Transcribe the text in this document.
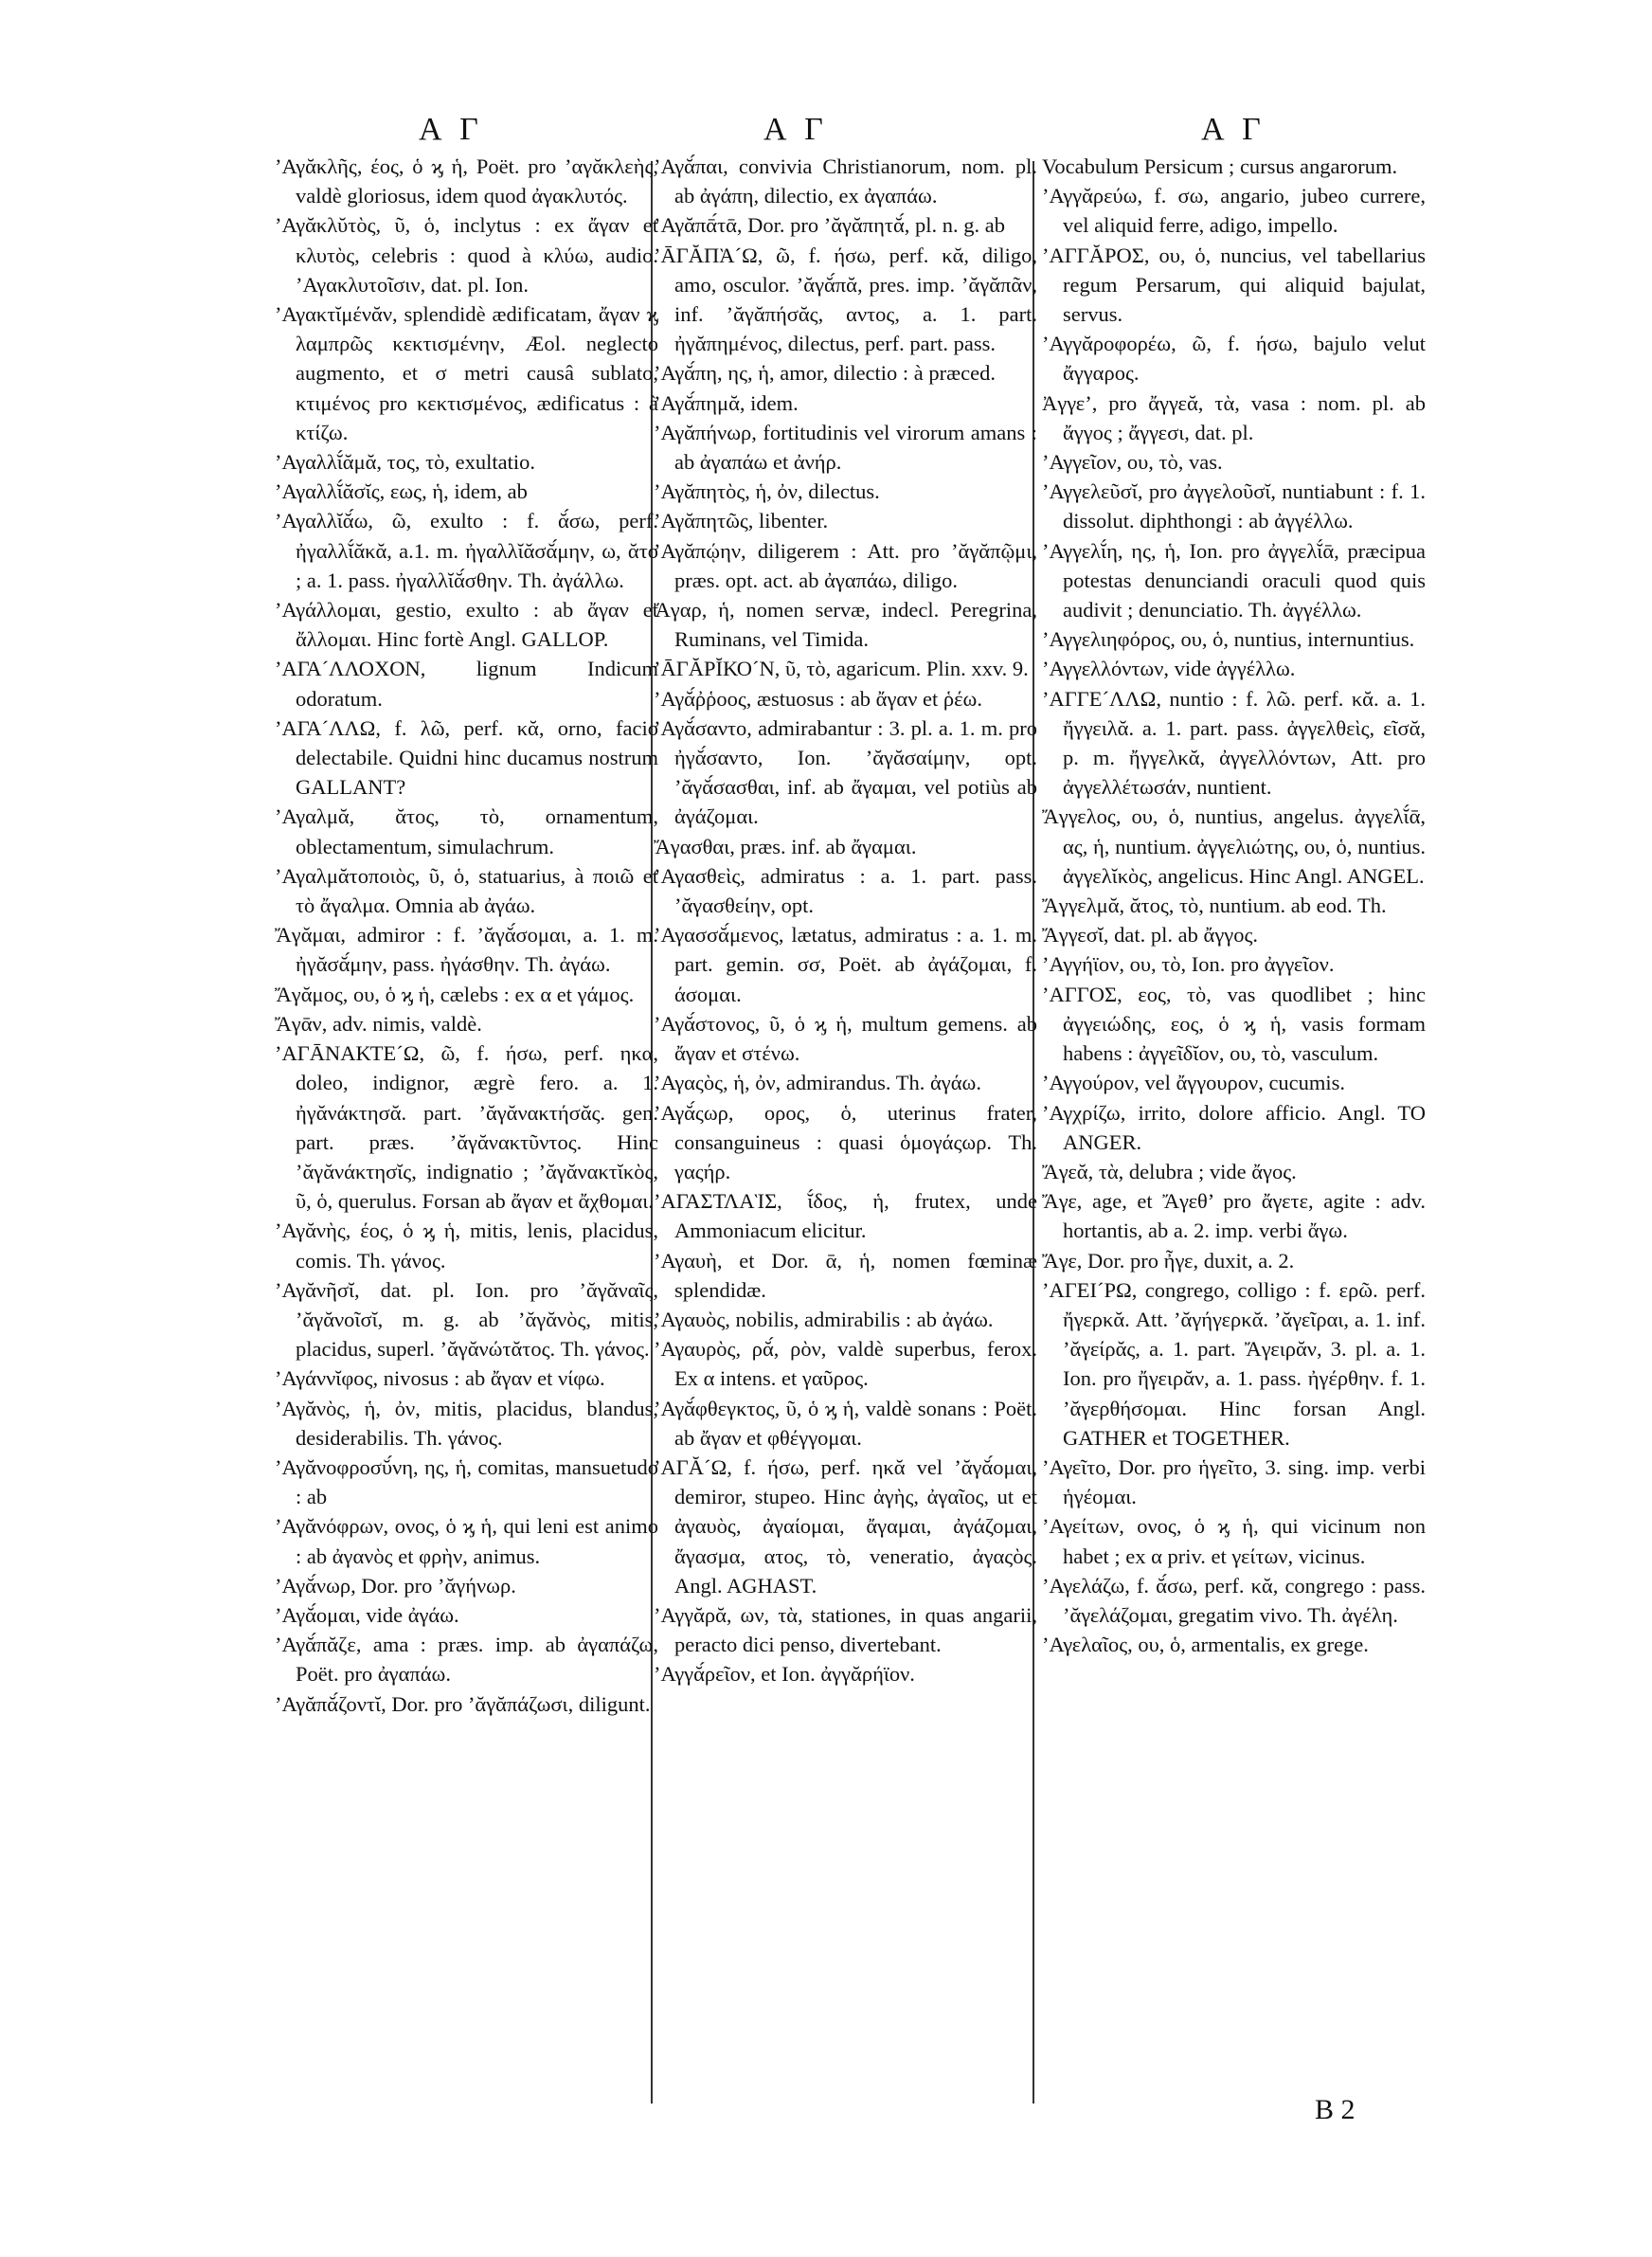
Α Γ	Α Γ	Α Γ

’Αγᾰκλῆς, έος, ὁ ϗ ἡ, Poët. pro ’αγᾰκλεὴς, valdè gloriosus, idem quod ἀγακλυτός.

’Αγᾰκλῠτὸς, ῦ, ὁ, inclytus : ex ἄγαν et κλυτὸς, celebris : quod à κλύω, audio. ’Αγακλυτοῖσιν, dat. pl. Ion.

’Αγακτῐμένᾰν, splendidè ædificatam, ἄγαν ϗ λαμπρῶς κεκτισμένην, Æol. neglecto augmento, et σ metri causâ sublato, κτιμένος pro κεκτισμένος, ædificatus : à κτίζω.

’Αγαλλῐ́ᾰμᾰ, τος, τὸ, exultatio.

’Αγαλλῐ́ᾰσῐς, εως, ἡ, idem, ab

’Αγαλλῐᾰ́ω, ῶ, exulto : f. ᾰ́σω, perf. ἠγαλλῐ́ᾰκᾰ, a.1. m. ἠγαλλῐᾰσᾰ́μην, ω, ᾰτο ; a. 1. pass. ἠγαλλῐᾰ́σθην. Th. ἀγάλλω.

’Αγάλλομαι, gestio, exulto : ab ἄγαν et ἄλλομαι. Hinc fortè Angl. GALLOP.

’ΑΓΑ´ΛΛΟΧΟΝ, lignum Indicum odoratum.

’ΑΓΑ´ΛΛΩ, f. λῶ, perf. κᾰ, orno, facio delectabile. Quidni hinc ducamus nostrum GALLANT?

’Αγαλμᾰ, ᾰτος, τὸ, ornamentum, oblectamentum, simulachrum.

’Αγαλμᾰτοποιὸς, ῦ, ὁ, statuarius, à ποιῶ et τὸ ἄγαλμα. Omnia ab ἀγάω.

Ἄγᾰμαι, admiror : f. ’ᾰγᾰ́σομαι, a. 1. m. ἠγᾰσᾰ́μην, pass. ἠγάσθην. Th. ἀγάω.

Ἄγᾰμος, ου, ὁ ϗ ἡ, cælebs : ex α et γάμος.

Ἄγᾱν, adv. nimis, valdè.

’ΑΓᾹΝΑΚΤΕ´Ω, ῶ, f. ήσω, perf. ηκα, doleo, indignor, ægrè fero. a. 1. ἠγᾰνάκτησᾰ. part. ’ᾰγᾰνακτήσᾰς. gen. part. præs. ’ᾰγᾰνακτῦντος. Hinc ’ᾰγᾰνάκτησῐς, indignatio ; ’ᾰγᾰνακτῐκὸς, ῦ, ὁ, querulus. Forsan ab ἄγαν et ἄχθομαι.

’Αγᾰνὴς, έος, ὁ ϗ ἡ, mitis, lenis, placidus, comis. Th. γάνος.

’Αγᾰνῆσῐ, dat. pl. Ion. pro ’ᾰγᾰναῖς, ’ᾰγᾰνοῖσῐ, m. g. ab ’ᾰγᾰνὸς, mitis, placidus, superl. ’ᾰγᾰνώτᾰτος. Th. γάνος.

’Αγάννῐφος, nivosus : ab ἄγαν et νίφω.

’Αγᾰνὸς, ἡ, ὀν, mitis, placidus, blandus, desiderabilis. Th. γάνος.

’Αγᾰνοφροσῠ́νη, ης, ἡ, comitas, mansuetudo : ab

’Αγᾰνόφρων, ονος, ὁ ϗ ἡ, qui leni est animo : ab ἀγανὸς et φρὴν, animus.

’Αγᾰ́νωρ, Dor. pro ’ᾰγήνωρ.

’Αγᾰ́ομαι, vide ἀγάω.

’Αγᾰ́πᾰζε, ama : præs. imp. ab ἀγαπάζω, Poët. pro ἀγαπάω.

’Αγᾰπᾰ́ζοντῐ, Dor. pro ’ᾰγᾰπάζωσι, diligunt.

’Αγᾰ́παι, convivia Christianorum, nom. pl. ab ἀγάπη, dilectio, ex ἀγαπάω.

’Αγᾰπᾱ́τᾱ, Dor. pro ’ᾰγᾰπητᾰ́, pl. n. g. ab

’ᾹΓᾸΠᾺ´Ω, ῶ, f. ήσω, perf. κᾰ, diligo, amo, osculor. ’ᾰγᾰ́πᾰ, pres. imp. ’ᾰγᾰπᾶν, inf. ’ᾰγᾰπήσᾰς, αντος, a. 1. part. ἠγᾰπημένος, dilectus, perf. part. pass.

’Αγᾰ́πη, ης, ἡ, amor, dilectio : à præced.

’Αγᾰ́πημᾰ, idem.

’Αγᾰπήνωρ, fortitudinis vel virorum amans : ab ἀγαπάω et ἀνήρ.

’Αγᾰπητὸς, ἡ, ὀν, dilectus.

’Αγᾰπητῶς, libenter.

’Αγᾰπῴην, diligerem : Att. pro ’ᾰγᾰπῷμι, præs. opt. act. ab ἀγαπάω, diligo.

Ἄγαρ, ἡ, nomen servæ, indecl. Peregrina, Ruminans, vel Timida.

’ᾹΓᾸΡῘΚΟ´Ν, ῦ, τὸ, agaricum. Plin. xxv. 9.

’Αγᾰ́ῤῥοος, æstuosus : ab ἄγαν et ῥέω.

’Αγᾰ́σαντο, admirabantur : 3. pl. a. 1. m. pro ἠγᾰ́σαντο, Ion. ’ᾰγᾰσαίμην, opt. ’ᾰγᾰ́σασθαι, inf. ab ἄγαμαι, vel potiùs ab ἀγάζομαι.

Ἄγασθαι, præs. inf. ab ἄγαμαι.

’Αγασθεὶς, admiratus : a. 1. part. pass. ’ᾰγασθείην, opt.

’Αγασσᾰ́μενος, lætatus, admiratus : a. 1. m. part. gemin. σσ, Poët. ab ἀγάζομαι, f. άσομαι.

’Αγᾰ́στονος, ῦ, ὁ ϗ ἡ, multum gemens. ab ἄγαν et στένω.

’Αγαςὸς, ἡ, ὀν, admirandus. Th. ἀγάω.

’Αγᾰ́ςωρ, ορος, ὁ, uterinus frater, consanguineus : quasi ὁμογάςωρ. Th. γαςήρ.

’ΑΓΑΣΤΛΑῚΣ, ῐ́δος, ἡ, frutex, unde Ammoniacum elicitur.

’Αγαυὴ, et Dor. ᾱ, ἡ, nomen fœminæ splendidæ.

’Αγαυὸς, nobilis, admirabilis : ab ἀγάω.

’Αγαυρὸς, ρᾰ́, ρὸν, valdè superbus, ferox. Ex α intens. et γαῦρος.

’Αγᾰ́φθεγκτος, ῦ, ὁ ϗ ἡ, valdè sonans : Poët. ab ἄγαν et φθέγγομαι.

’ΑΓᾸ´Ω, f. ήσω, perf. ηκᾰ vel ’ᾰγᾰ́ομαι, demiror, stupeo. Hinc ἀγὴς, ἀγαῖος, ut et ἀγαυὸς, ἀγαίομαι, ἄγαμαι, ἀγάζομαι, ἄγασμα, ατος, τὸ, veneratio, ἀγαςὸς. Angl. AGHAST.

’Αγγᾰρᾰ, ων, τὰ, stationes, in quas angarii, peracto dici penso, divertebant.

’Αγγᾰ́ρεῖον, et Ion. ἀγγᾰρήϊον.

Vocabulum Persicum ; cursus angarorum.

’Αγγᾰρεύω, f. σω, angario, jubeo currere, vel aliquid ferre, adigo, impello.

’ΑΓΓᾸΡΟΣ, ου, ὁ, nuncius, vel tabellarius regum Persarum, qui aliquid bajulat, servus.

’Αγγᾰροφορέω, ῶ, f. ήσω, bajulo velut ἄγγαρος.

Ἀγγε’, pro ἄγγεᾰ, τὰ, vasa : nom. pl. ab ἄγγος ; ἄγγεσι, dat. pl.

’Αγγεῖον, ου, τὸ, vas.

’Αγγελεῦσῐ, pro ἀγγελοῦσῐ, nuntiabunt : f. 1. dissolut. diphthongi : ab ἀγγέλλω.

’Αγγελῐ́η, ης, ἡ, Ion. pro ἀγγελῐ́ᾱ, præcipua potestas denunciandi oraculi quod quis audivit ; denunciatio. Th. ἀγγέλλω.

’Αγγελιηφόρος, ου, ὁ, nuntius, internuntius.

’Αγγελλόντων, vide ἀγγέλλω.

’ΑΓΓΕ´ΛΛΩ, nuntio : f. λῶ. perf. κᾰ. a. 1. ἤγγειλᾰ. a. 1. part. pass. ἀγγελθεὶς, εῖσᾰ, p. m. ἤγγελκᾰ, ἀγγελλόντων, Att. pro ἀγγελλέτωσάν, nuntient.

Ἄγγελος, ου, ὁ, nuntius, angelus. ἀγγελῐ́ᾱ, ας, ἡ, nuntium. ἀγγελιώτης, ου, ὁ, nuntius. ἀγγελῐκὸς, angelicus. Hinc Angl. ANGEL.

Ἄγγελμᾰ, ᾰτος, τὸ, nuntium. ab eod. Th.

Ἄγγεσῐ, dat. pl. ab ἄγγος.

’Αγγήϊον, ου, τὸ, Ion. pro ἀγγεῖον.

’ΑΓΓΟΣ, εος, τὸ, vas quodlibet ; hinc ἀγγειώδης, εος, ὁ ϗ ἡ, vasis formam habens : ἀγγεῖδῐον, ου, τὸ, vasculum.

’Αγγούρον, vel ἄγγουρον, cucumis.

’Αγχρίζω, irrito, dolore afficio. Angl. TO ANGER.

Ἄγεᾰ, τὰ, delubra ; vide ἄγος.

Ἄγε, age, et Ἄγεθ’ pro ἄγετε, agite : adv. hortantis, ab a. 2. imp. verbi ἄγω.

Ἄγε, Dor. pro ἦγε, duxit, a. 2.

’ΑΓΕΙ´ΡΩ, congrego, colligo : f. ερῶ. perf. ἤγερκᾰ. Att. ’ᾰγήγερκᾰ. ’ᾰγεῖραι, a. 1. inf. ’ᾰγείρᾰς, a. 1. part. Ἄγειρᾰν, 3. pl. a. 1. Ion. pro ἤγειρᾰν, a. 1. pass. ἠγέρθην. f. 1. ’ᾰγερθήσομαι. Hinc forsan Angl. GATHER et TOGETHER.

’Αγεῖτο, Dor. pro ἡγεῖτο, 3. sing. imp. verbi ἡγέομαι.

’Αγείτων, ονος, ὁ ϗ ἡ, qui vicinum non habet ; ex α priv. et γείτων, vicinus.

’Αγελάζω, f. ᾰ́σω, perf. κᾰ, congrego : pass. ’ᾰγελάζομαι, gregatim vivo. Th. ἀγέλη.

’Αγελαῖος, ου, ὁ, armentalis, ex grege.

B 2
